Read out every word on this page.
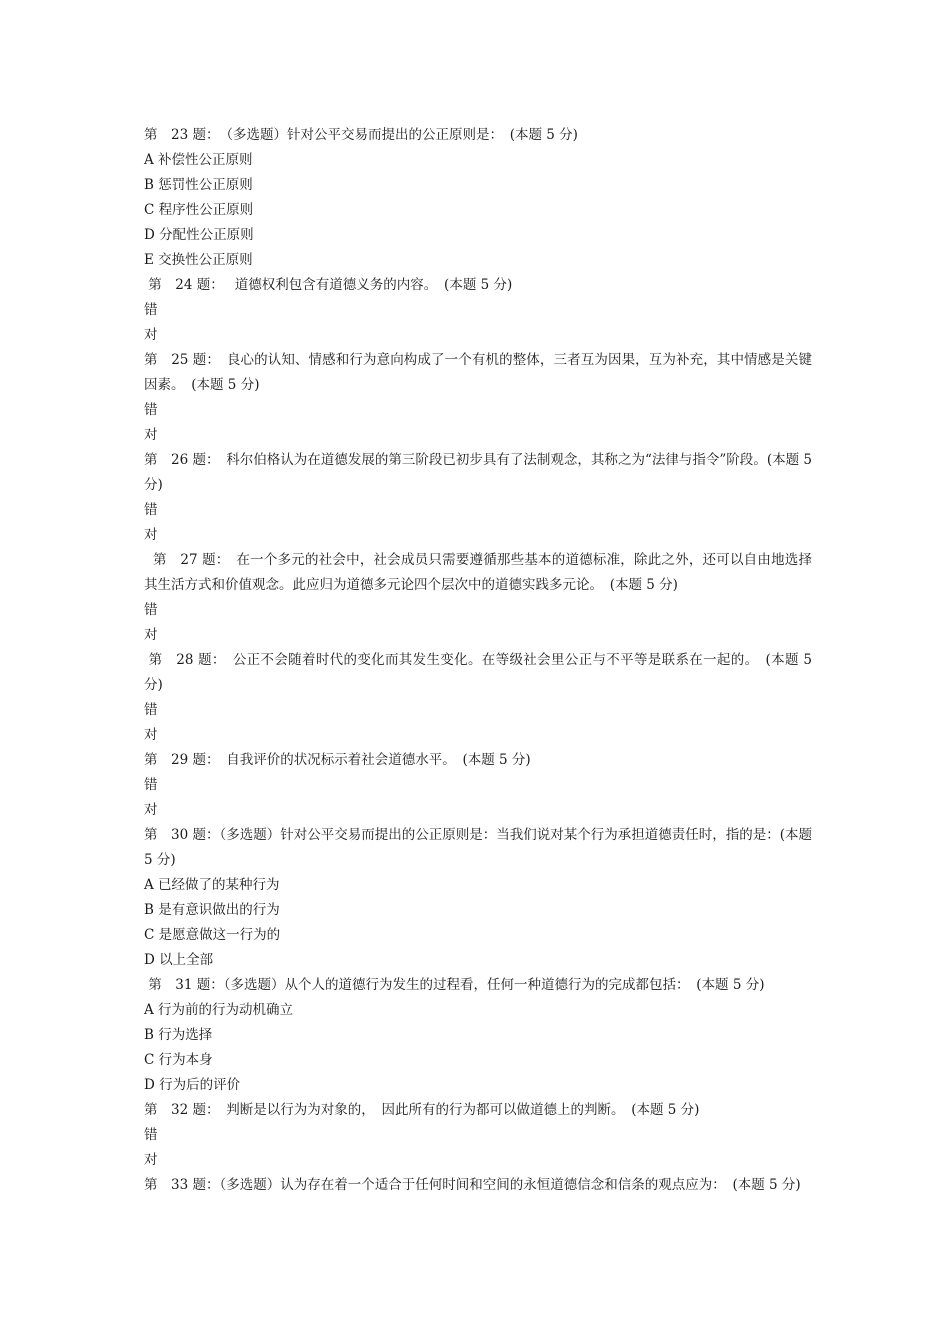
第　23 题：　（多选题）针对公平交易而提出的公正原则是：　(本题 5 分)

A 补偿性公正原则

B 惩罚性公正原则

C 程序性公正原则

D 分配性公正原则

E 交换性公正原则

第　24 题：　 道德权利包含有道德义务的内容。　(本题 5 分)

错

对

第　25 题：　良心的认知、情感和行为意向构成了一个有机的整体，三者互为因果，互为补充，其中情感是关键因素。　(本题 5 分)

错

对

第　26 题：　科尔伯格认为在道德发展的第三阶段已初步具有了法制观念，其称之为“法律与指令”阶段。(本题 5 分)

错

对

第　27 题：　在一个多元的社会中，社会成员只需要遵循那些基本的道德标准，除此之外，还可以自由地选择其生活方式和价值观念。此应归为道德多元论四个层次中的道德实践多元论。　(本题 5 分)

错

对

第　28 题：　公正不会随着时代的变化而其发生变化。在等级社会里公正与不平等是联系在一起的。　(本题 5 分)

错

对

第　29 题：　自我评价的状况标示着社会道德水平。　(本题 5 分)

错

对

第　30 题：（多选题）针对公平交易而提出的公正原则是：当我们说对某个行为承担道德责任时，指的是：(本题 5 分)

A 已经做了的某种行为

B 是有意识做出的行为

C 是愿意做这一行为的

D 以上全部

第　31 题：（多选题）从个人的道德行为发生的过程看，任何一种道德行为的完成都包括：　(本题 5 分)

A 行为前的行为动机确立

B 行为选择

C 行为本身

D 行为后的评价

第　32 题：　判断是以行为为对象的，　因此所有的行为都可以做道德上的判断。　(本题 5 分)

错

对

第　33 题：（多选题）认为存在着一个适合于任何时间和空间的永恒道德信念和信条的观点应为：　(本题 5 分)
